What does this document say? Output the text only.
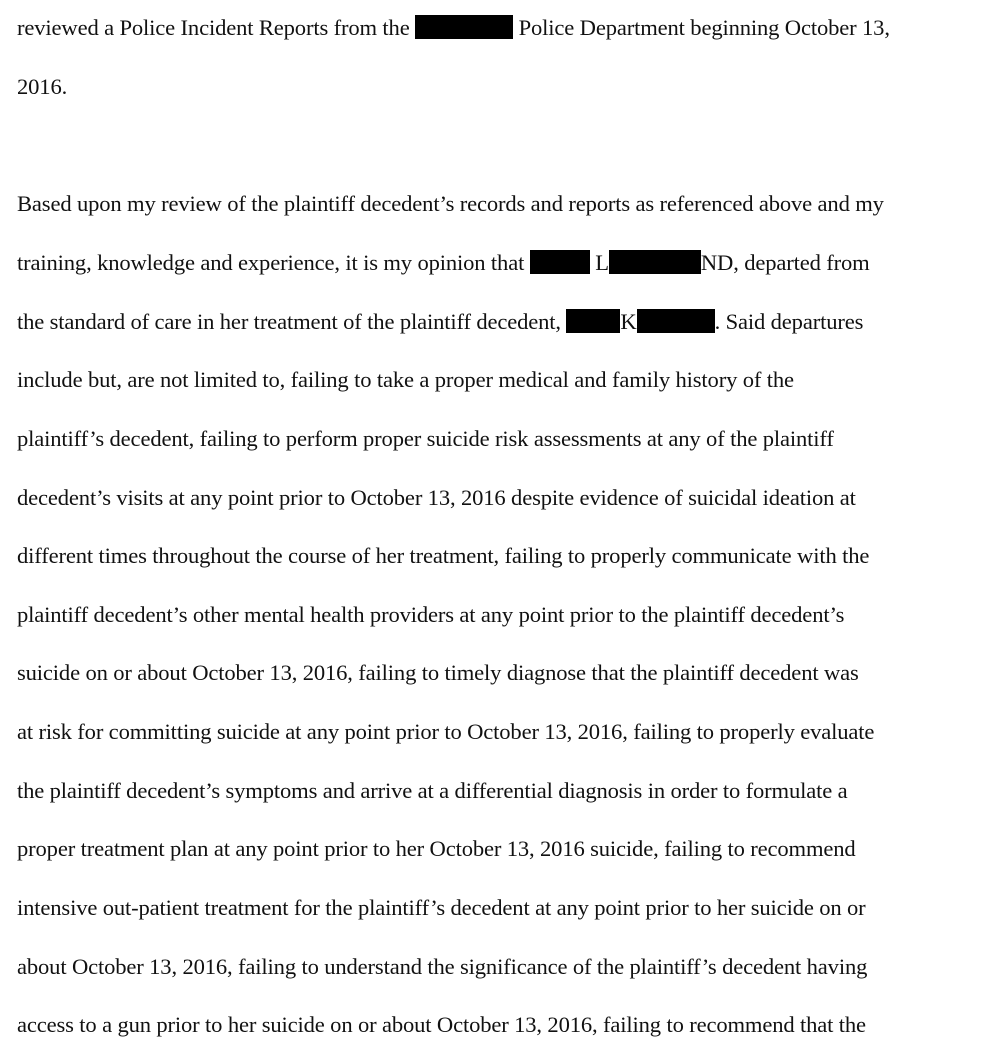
reviewed a Police Incident Reports from the	Police Department beginning October 13,
2016.
Based upon my review of the plaintiff decedent’s records and reports as referenced above and my
training, knowledge and experience, it is my opinion that	L	ND, departed from
the standard of care in her treatment of the plaintiff decedent, K	. Said departures
include but, are not limited to, failing to take a proper medical and family history of the
plaintiff’s decedent, failing to perform proper suicide risk assessments at any of the plaintiff
decedent’s visits at any point prior to October 13, 2016 despite evidence of suicidal ideation at
different times throughout the course of her treatment, failing to properly communicate with the
plaintiff decedent’s other mental health providers at any point prior to the plaintiff decedent’s
suicide on or about October 13, 2016, failing to timely diagnose that the plaintiff decedent was
at risk for committing suicide at any point prior to October 13, 2016, failing to properly evaluate
the plaintiff decedent’s symptoms and arrive at a differential diagnosis in order to formulate a
proper treatment plan at any point prior to her October 13, 2016 suicide, failing to recommend
intensive out-patient treatment for the plaintiff’s decedent at any point prior to her suicide on or
about October 13, 2016, failing to understand the significance of the plaintiff’s decedent having
access to a gun prior to her suicide on or about October 13, 2016, failing to recommend that the
